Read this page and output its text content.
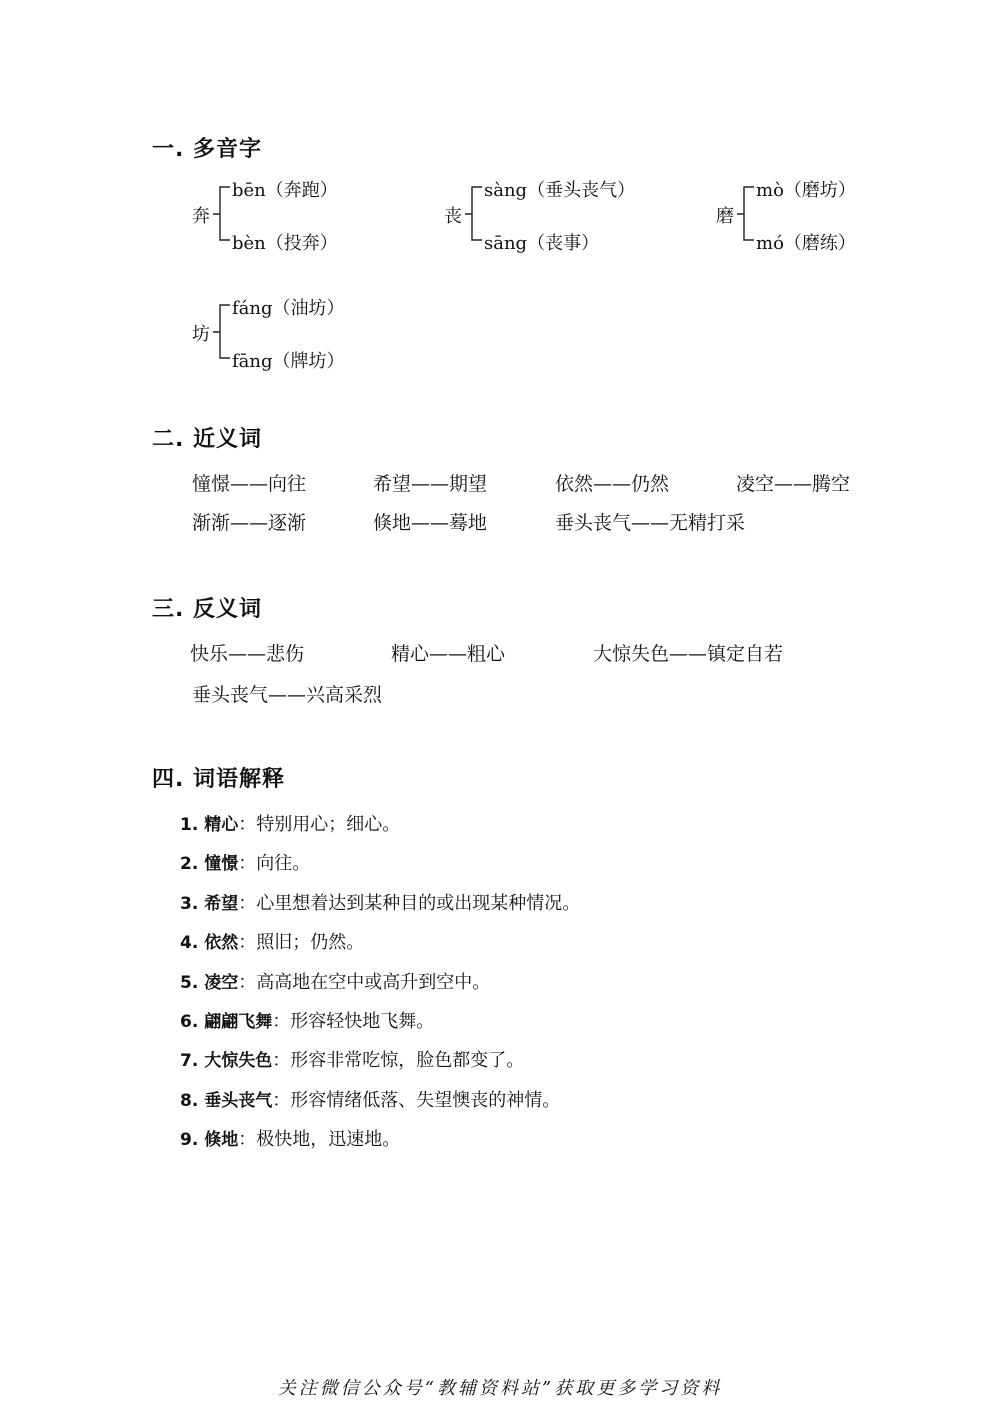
一. 多音字
奔
bēn（奔跑）
bèn（投奔）
丧
sàng（垂头丧气）
sāng（丧事）
磨
mò（磨坊）
mó（磨练）
坊
fáng（油坊）
fāng（牌坊）
二. 近义词
憧憬——向往	希望——期望	依然——仍然	凌空——腾空
渐渐——逐渐	倏地——蓦地	垂头丧气——无精打采
三. 反义词
快乐——悲伤	精心——粗心	大惊失色——镇定自若
垂头丧气——兴高采烈
四. 词语解释
1. 精心：特别用心；细心。
2. 憧憬：向往。
3. 希望：心里想着达到某种目的或出现某种情况。
4. 依然：照旧；仍然。
5. 凌空：高高地在空中或高升到空中。
6. 翩翩飞舞：形容轻快地飞舞。
7. 大惊失色：形容非常吃惊，脸色都变了。
8. 垂头丧气：形容情绪低落、失望懊丧的神情。
9. 倏地：极快地，迅速地。
关注微信公众号“教辅资料站”获取更多学习资料
